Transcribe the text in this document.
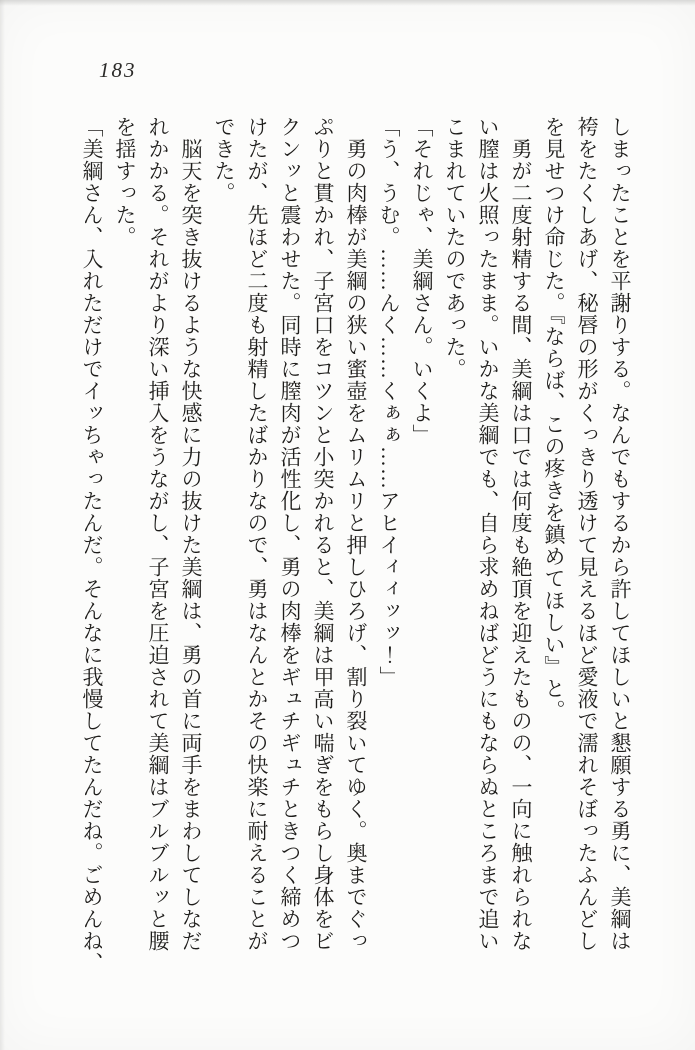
183
しまったことを平謝りする。なんでもするから許してほしいと懇願する勇に、美綱は
袴をたくしあげ、秘唇の形がくっきり透けて見えるほど愛液で濡れそぼったふんどし
を見せつけ命じた。『ならば、この疼きを鎮めてほしい』と。
　勇が二度射精する間、美綱は口では何度も絶頂を迎えたものの、一向に触れられな
い膣は火照ったまま。いかな美綱でも、自ら求めねばどうにもならぬところまで追い
こまれていたのであった。
「それじゃ、美綱さん。いくよ」
「う、うむ。……んく……くぁぁ……アヒイィィッッ！」
　勇の肉棒が美綱の狭い蜜壺をムリムリと押しひろげ、割り裂いてゆく。奥までぐっ
ぷりと貫かれ、子宮口をコツンと小突かれると、美綱は甲高い喘ぎをもらし身体をビ
クンッと震わせた。同時に膣肉が活性化し、勇の肉棒をギュチギュチときつく締めつ
けたが、先ほど二度も射精したばかりなので、勇はなんとかその快楽に耐えることが
できた。
　脳天を突き抜けるような快感に力の抜けた美綱は、勇の首に両手をまわしてしなだ
れかかる。それがより深い挿入をうながし、子宮を圧迫されて美綱はブルブルッと腰
を揺すった。
「美綱さん、入れただけでイッちゃったんだ。そんなに我慢してたんだね。ごめんね、
